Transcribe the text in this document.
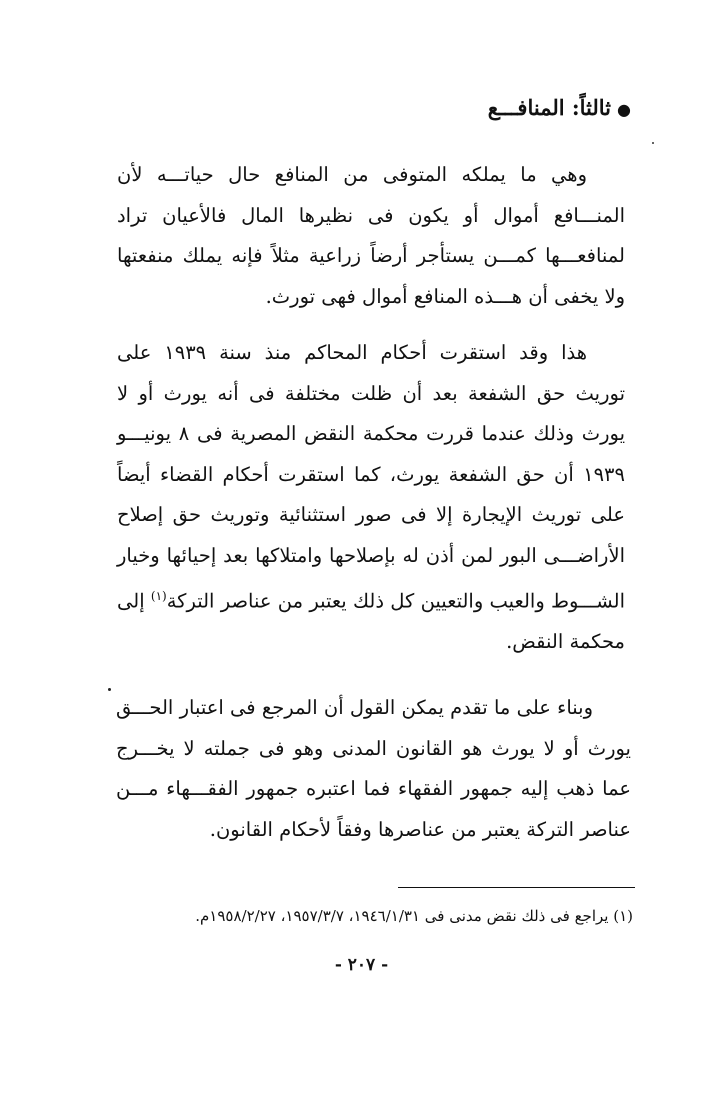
●ثالثاً: المنافـــع

وهي ما يملكه المتوفى من المنافع حال حياتـــه لأن المنـــافع أموال أو يكون فى نظيرها المال فالأعيان تراد لمنافعـــها كمـــن يستأجر أرضاً زراعية مثلاً فإنه يملك منفعتها ولا يخفى أن هـــذه المنافع أموال فهى تورث.

هذا وقد استقرت أحكام المحاكم منذ سنة ١٩٣٩ على توريث حق الشفعة بعد أن ظلت مختلفة فى أنه يورث أو لا يورث وذلك عندما قررت محكمة النقض المصرية فى ٨ يونيـــو ١٩٣٩ أن حق الشفعة يورث، كما استقرت أحكام القضاء أيضاً على توريث الإيجارة إلا فى صور استثنائية وتوريث حق إصلاح الأراضـــى البور لمن أذن له بإصلاحها وامتلاكها بعد إحيائها وخيار الشـــوط والعيب والتعيين كل ذلك يعتبر من عناصر التركة$^{(١)}$ إلى محكمة النقض.

وبناء على ما تقدم يمكن القول أن المرجع فى اعتبار الحـــق يورث أو لا يورث هو القانون المدنى وهو فى جملته لا يخـــرج عما ذهب إليه جمهور الفقهاء فما اعتبره جمهور الفقـــهاء مـــن عناصر التركة يعتبر من عناصرها وفقاً لأحكام القانون.

(١) يراجع فى ذلك نقض مدنى فى ١٩٤٦/١/٣١، ١٩٥٧/٣/٧، ١٩٥٨/٢/٢٧م.
- ٢٠٧ -
